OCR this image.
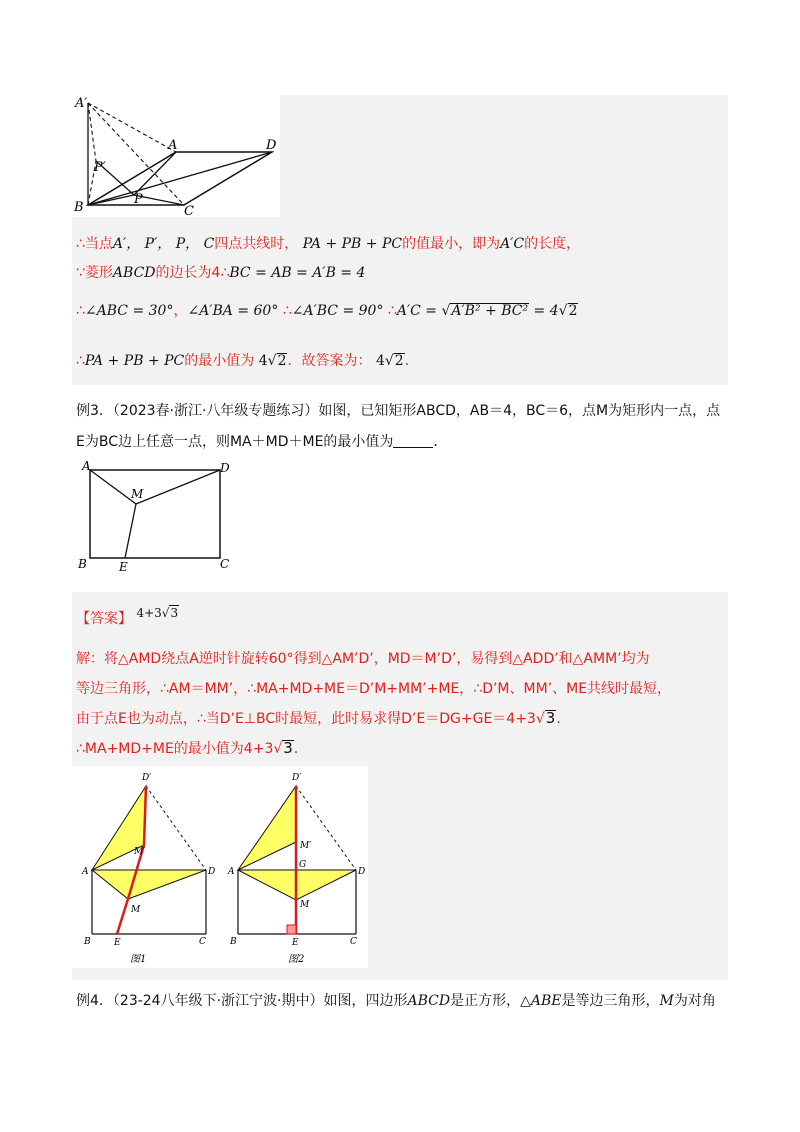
A′
A	D
P′
P
B	C
∴当点A′， P′， P， C四点共线时， PA + PB + PC的值最小，即为A′C的长度，
∵菱形ABCD的边长为4∴BC = AB = A′B = 4
∴∠ABC = 30°，∠A′BA = 60° ∴∠A′BC = 90° ∴A′C = √A′B² + BC² = 4√2
∴PA + PB + PC的最小值为 4√2．故答案为： 4√2．
例3．（2023春·浙江·八年级专题练习）如图，已知矩形ABCD，AB＝4，BC＝6，点M为矩形内一点，点
E为BC边上任意一点，则MA＋MD＋ME的最小值为	．
A	D
M
B	E	C
【答案】 4+3√3
解：将△AMD绕点A逆时针旋转60°得到△AM’D’，MD＝M’D’，易得到△ADD’和△AMM’均为
等边三角形，∴AM＝MM’，∴MA+MD+ME＝D’M+MM’+ME，∴D’M、MM’、ME共线时最短，
由于点E也为动点，∴当D’E⊥BC时最短，此时易求得D’E＝DG+GE＝4+3√3．
∴MA+MD+ME的最小值为4+3√3．
D′
M′
A	D
M
B	E	C
图1
D′
M′
G
A	D
M
B	E	C
图2
例4．（23-24八年级下·浙江宁波·期中）如图，四边形ABCD是正方形，△ABE是等边三角形，M为对角
